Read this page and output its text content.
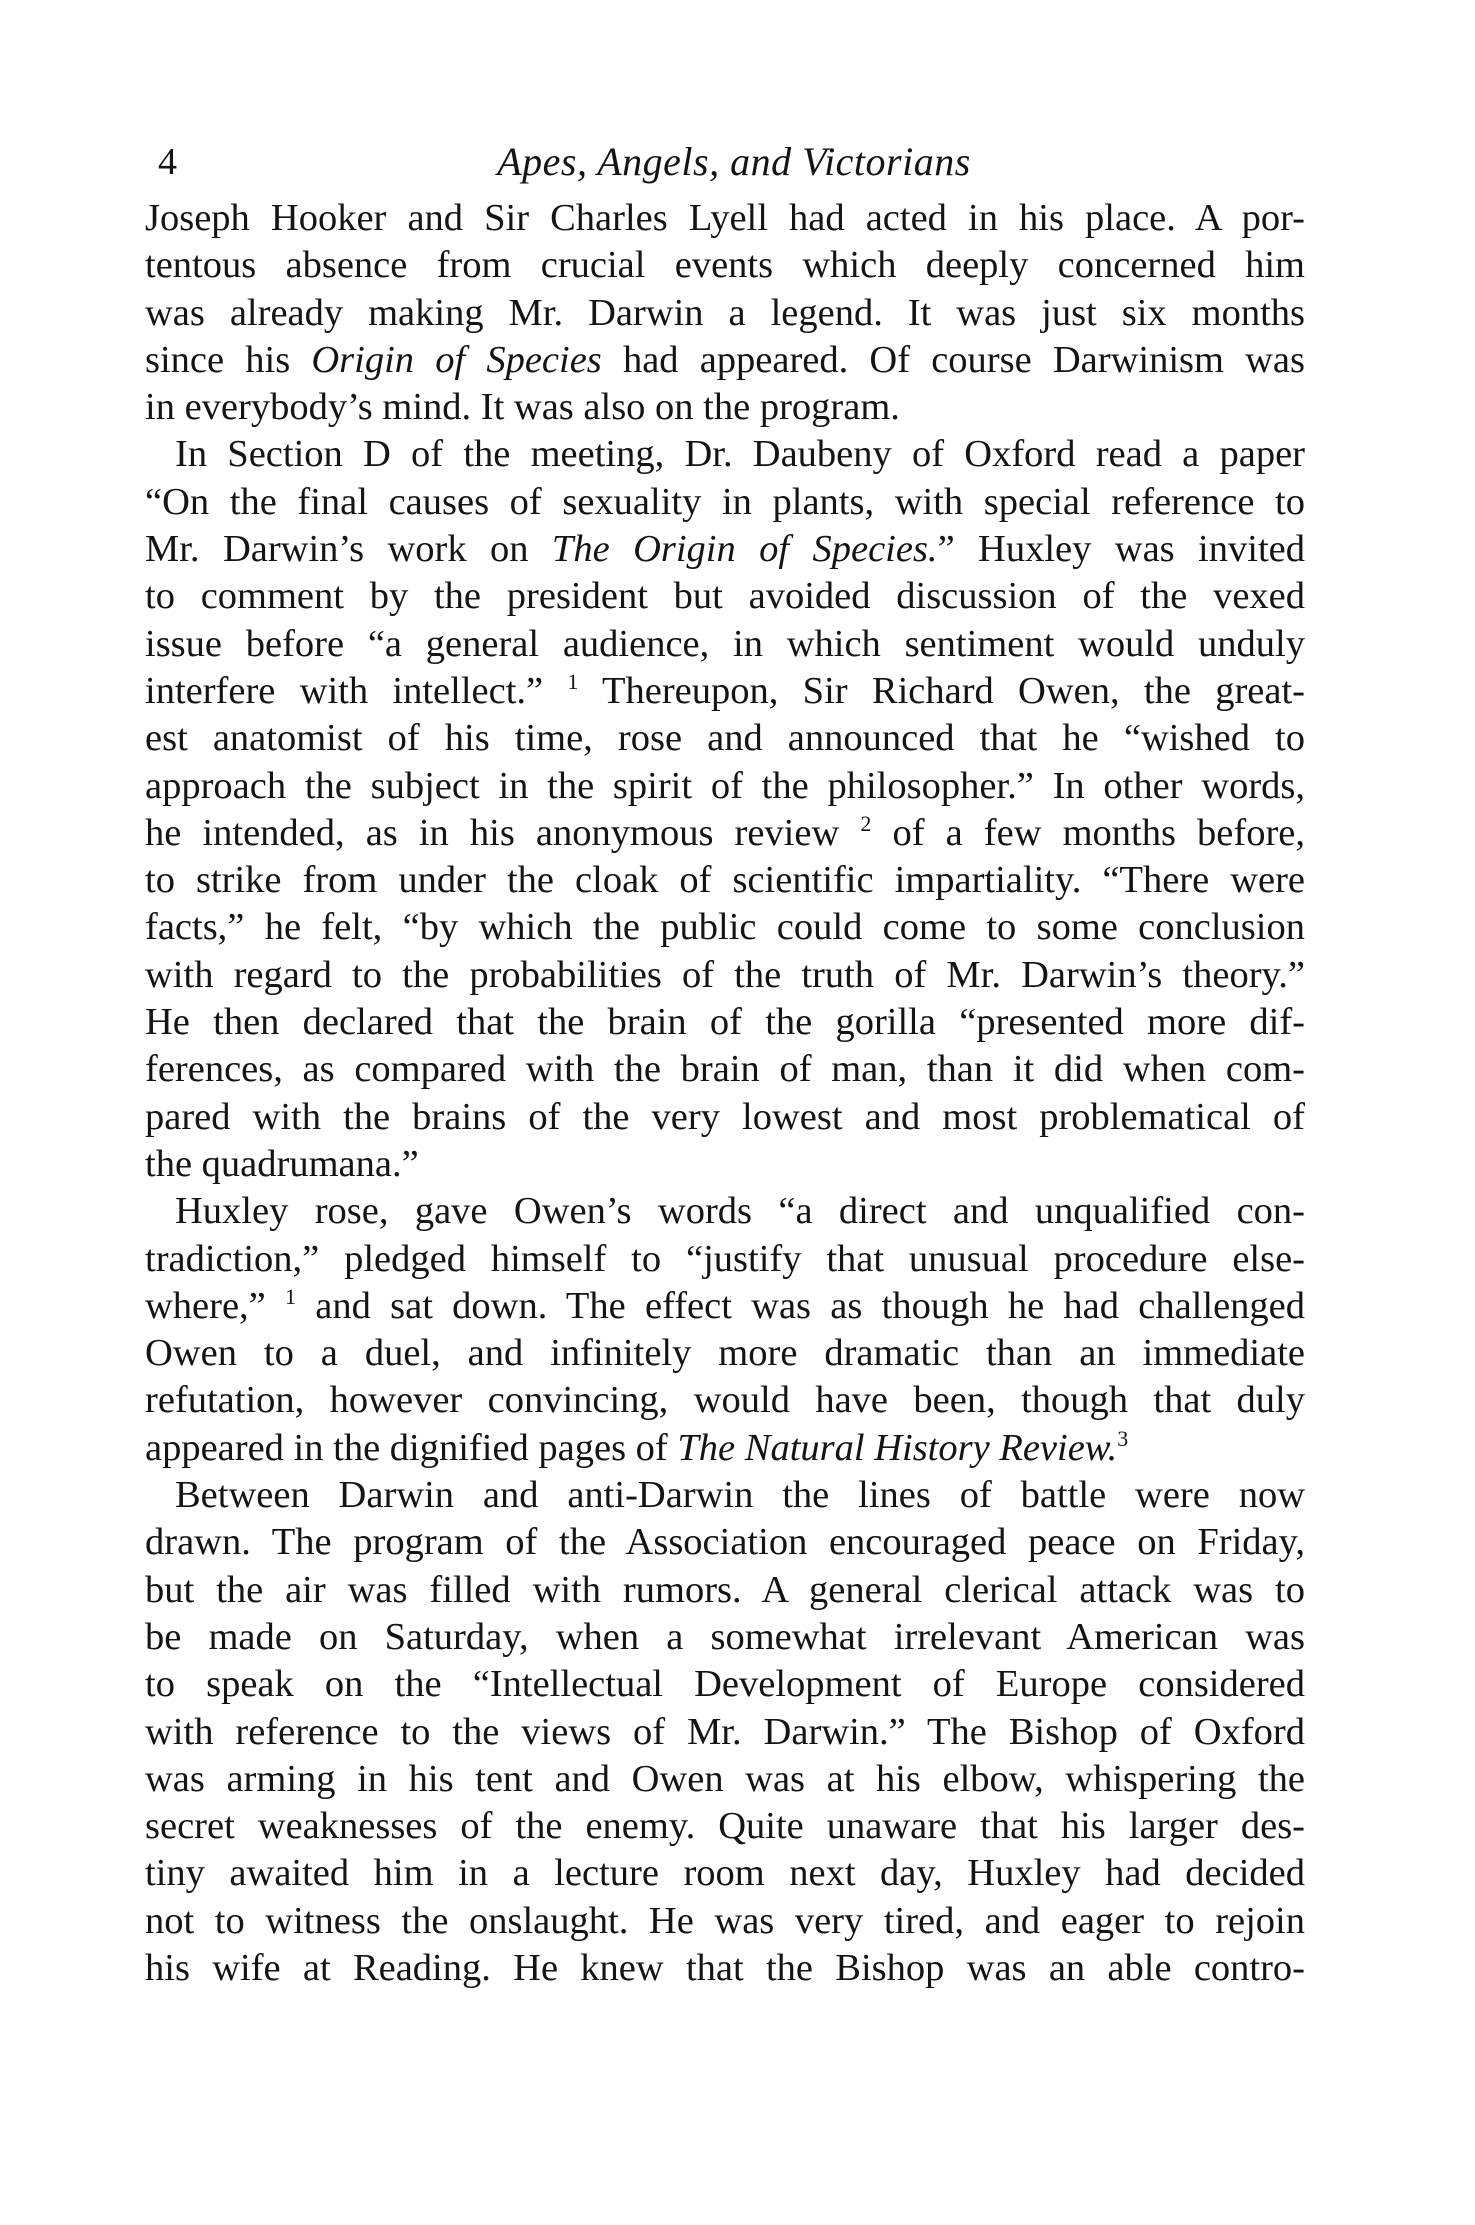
4	Apes, Angels, and Victorians
Joseph Hooker and Sir Charles Lyell had acted in his place. A por-
tentous absence from crucial events which deeply concerned him
was already making Mr. Darwin a legend. It was just six months
since his Origin of Species had appeared. Of course Darwinism was
in everybody’s mind. It was also on the program.
In Section D of the meeting, Dr. Daubeny of Oxford read a paper
“On the final causes of sexuality in plants, with special reference to
Mr. Darwin’s work on The Origin of Species.” Huxley was invited
to comment by the president but avoided discussion of the vexed
issue before “a general audience, in which sentiment would unduly
interfere with intellect.” $^1$ Thereupon, Sir Richard Owen, the great-
est anatomist of his time, rose and announced that he “wished to
approach the subject in the spirit of the philosopher.” In other words,
he intended, as in his anonymous review $^2$ of a few months before,
to strike from under the cloak of scientific impartiality. “There were
facts,” he felt, “by which the public could come to some conclusion
with regard to the probabilities of the truth of Mr. Darwin’s theory.”
He then declared that the brain of the gorilla “presented more dif-
ferences, as compared with the brain of man, than it did when com-
pared with the brains of the very lowest and most problematical of
the quadrumana.”
Huxley rose, gave Owen’s words “a direct and unqualified con-
tradiction,” pledged himself to “justify that unusual procedure else-
where,” $^1$ and sat down. The effect was as though he had challenged
Owen to a duel, and infinitely more dramatic than an immediate
refutation, however convincing, would have been, though that duly
appeared in the dignified pages of The Natural History Review.$^3$
Between Darwin and anti-Darwin the lines of battle were now
drawn. The program of the Association encouraged peace on Friday,
but the air was filled with rumors. A general clerical attack was to
be made on Saturday, when a somewhat irrelevant American was
to speak on the “Intellectual Development of Europe considered
with reference to the views of Mr. Darwin.” The Bishop of Oxford
was arming in his tent and Owen was at his elbow, whispering the
secret weaknesses of the enemy. Quite unaware that his larger des-
tiny awaited him in a lecture room next day, Huxley had decided
not to witness the onslaught. He was very tired, and eager to rejoin
his wife at Reading. He knew that the Bishop was an able contro-
